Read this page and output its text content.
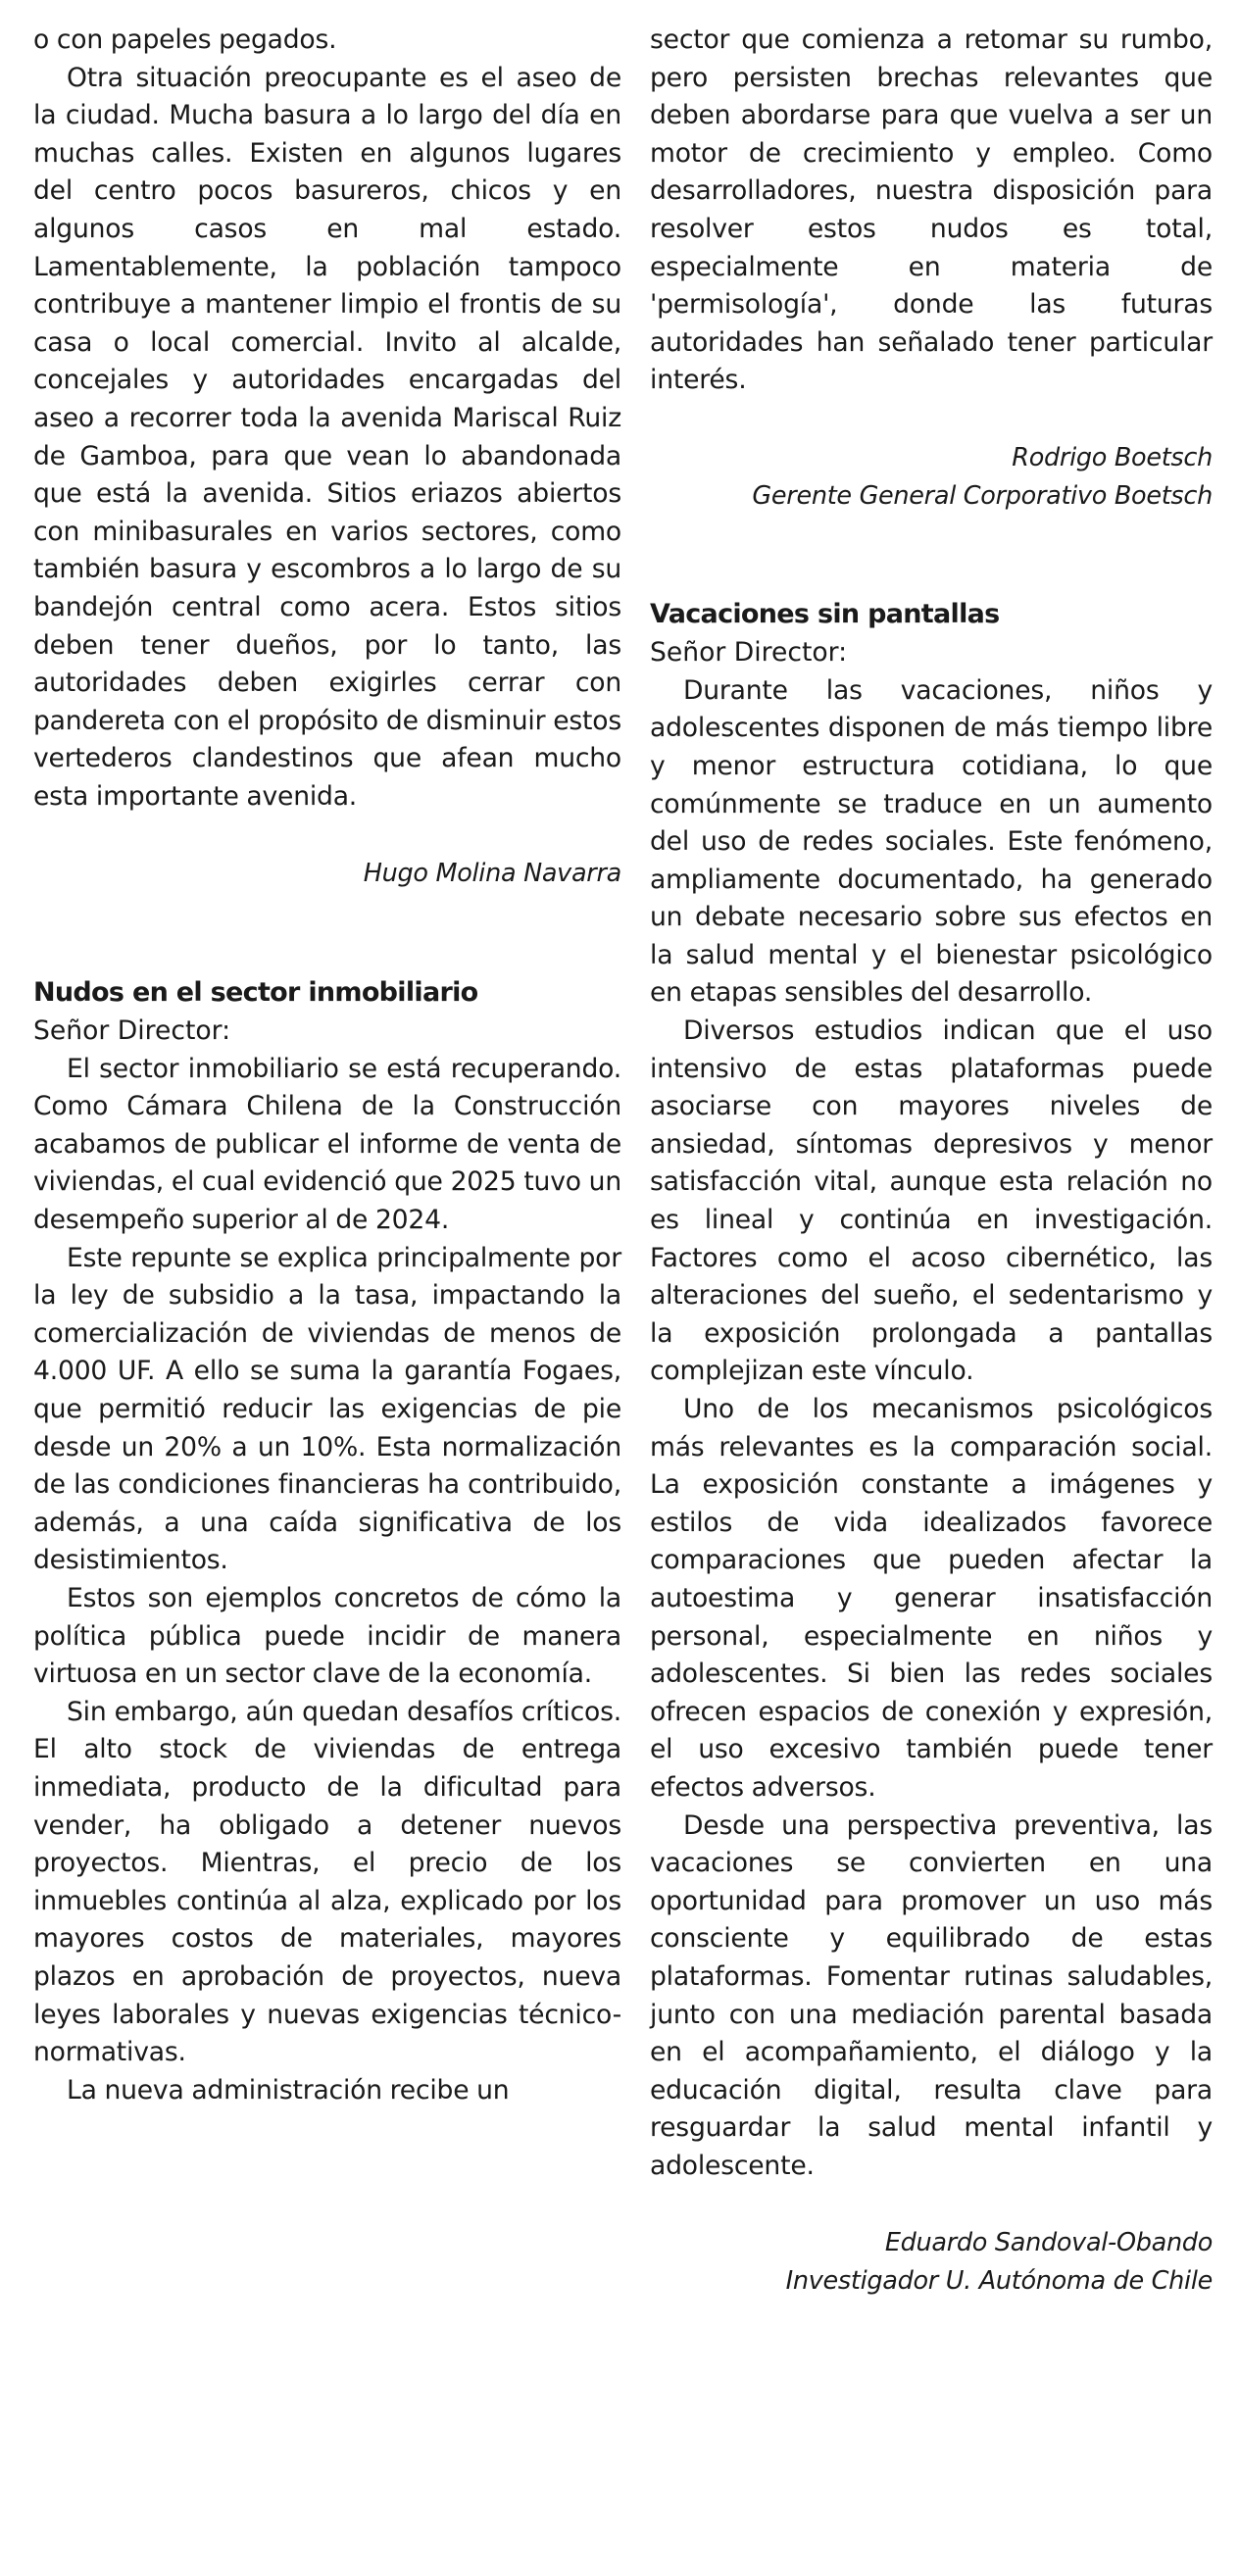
o con papeles pegados.

Otra situación preocupante es el aseo de la ciudad. Mucha basura a lo largo del día en muchas calles. Existen en algunos lugares del centro pocos basureros, chicos y en algunos casos en mal estado. Lamentablemente, la población tampoco contribuye a mantener limpio el frontis de su casa o local comercial. Invito al alcalde, concejales y autoridades encargadas del aseo a recorrer toda la avenida Mariscal Ruiz de Gamboa, para que vean lo abandonada que está la avenida. Sitios eriazos abiertos con minibasurales en varios sectores, como también basura y escombros a lo largo de su bandejón central como acera. Estos sitios deben tener dueños, por lo tanto, las autoridades deben exigirles cerrar con pandereta con el propósito de disminuir estos vertederos clandestinos que afean mucho esta importante avenida.

Hugo Molina Navarra

Nudos en el sector inmobiliario

Señor Director:

El sector inmobiliario se está recuperando. Como Cámara Chilena de la Construcción acabamos de publicar el informe de venta de viviendas, el cual evidenció que 2025 tuvo un desempeño superior al de 2024.

Este repunte se explica principalmente por la ley de subsidio a la tasa, impactando la comercialización de viviendas de menos de 4.000 UF. A ello se suma la garantía Fogaes, que permitió reducir las exigencias de pie desde un 20% a un 10%. Esta normalización de las condiciones financieras ha contribuido, además, a una caída significativa de los desistimientos.

Estos son ejemplos concretos de cómo la política pública puede incidir de manera virtuosa en un sector clave de la economía.

Sin embargo, aún quedan desafíos críticos. El alto stock de viviendas de entrega inmediata, producto de la dificultad para vender, ha obligado a detener nuevos proyectos. Mientras, el precio de los inmuebles continúa al alza, explicado por los mayores costos de materiales, mayores plazos en aprobación de proyectos, nueva leyes laborales y nuevas exigencias técnico-normativas.

La nueva administración recibe un

sector que comienza a retomar su rumbo, pero persisten brechas relevantes que deben abordarse para que vuelva a ser un motor de crecimiento y empleo. Como desarrolladores, nuestra disposición para resolver estos nudos es total, especialmente en materia de 'permisología', donde las futuras autoridades han señalado tener particular interés.

Rodrigo Boetsch

Gerente General Corporativo Boetsch

Vacaciones sin pantallas

Señor Director:

Durante las vacaciones, niños y adolescentes disponen de más tiempo libre y menor estructura cotidiana, lo que comúnmente se traduce en un aumento del uso de redes sociales. Este fenómeno, ampliamente documentado, ha generado un debate necesario sobre sus efectos en la salud mental y el bienestar psicológico en etapas sensibles del desarrollo.

Diversos estudios indican que el uso intensivo de estas plataformas puede asociarse con mayores niveles de ansiedad, síntomas depresivos y menor satisfacción vital, aunque esta relación no es lineal y continúa en investigación. Factores como el acoso cibernético, las alteraciones del sueño, el sedentarismo y la exposición prolongada a pantallas complejizan este vínculo.

Uno de los mecanismos psicológicos más relevantes es la comparación social. La exposición constante a imágenes y estilos de vida idealizados favorece comparaciones que pueden afectar la autoestima y generar insatisfacción personal, especialmente en niños y adolescentes. Si bien las redes sociales ofrecen espacios de conexión y expresión, el uso excesivo también puede tener efectos adversos.

Desde una perspectiva preventiva, las vacaciones se convierten en una oportunidad para promover un uso más consciente y equilibrado de estas plataformas. Fomentar rutinas saludables, junto con una mediación parental basada en el acompañamiento, el diálogo y la educación digital, resulta clave para resguardar la salud mental infantil y adolescente.

Eduardo Sandoval-Obando

Investigador U. Autónoma de Chile
